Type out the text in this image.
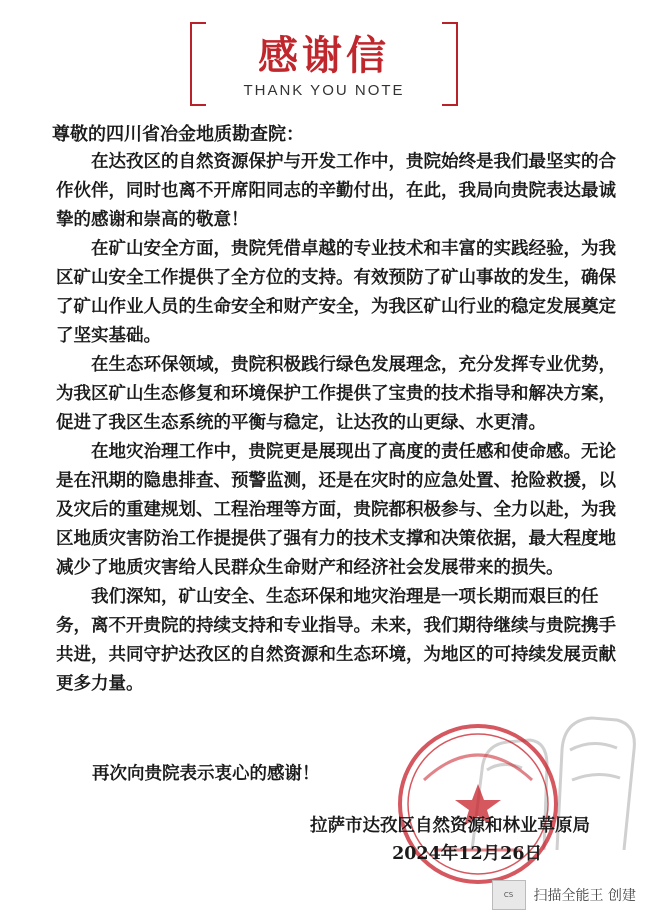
感谢信
THANK YOU NOTE
尊敬的四川省冶金地质勘查院：

在达孜区的自然资源保护与开发工作中，贵院始终是我们最坚实的合作伙伴，同时也离不开席阳同志的辛勤付出，在此，我局向贵院表达最诚挚的感谢和崇高的敬意！

在矿山安全方面，贵院凭借卓越的专业技术和丰富的实践经验，为我区矿山安全工作提供了全方位的支持。有效预防了矿山事故的发生，确保了矿山作业人员的生命安全和财产安全，为我区矿山行业的稳定发展奠定了坚实基础。

在生态环保领域，贵院积极践行绿色发展理念，充分发挥专业优势，为我区矿山生态修复和环境保护工作提供了宝贵的技术指导和解决方案，促进了我区生态系统的平衡与稳定，让达孜的山更绿、水更清。

在地灾治理工作中，贵院更是展现出了高度的责任感和使命感。无论是在汛期的隐患排查、预警监测，还是在灾时的应急处置、抢险救援，以及灾后的重建规划、工程治理等方面，贵院都积极参与、全力以赴，为我区地质灾害防治工作提提供了强有力的技术支撑和决策依据，最大程度地减少了地质灾害给人民群众生命财产和经济社会发展带来的损失。

我们深知，矿山安全、生态环保和地灾治理是一项长期而艰巨的任务，离不开贵院的持续支持和专业指导。未来，我们期待继续与贵院携手共进，共同守护达孜区的自然资源和生态环境，为地区的可持续发展贡献更多力量。

再次向贵院表示衷心的感谢！
拉萨市达孜区自然资源和林业草原局
2024年12月26日
CS	扫描全能王 创建
